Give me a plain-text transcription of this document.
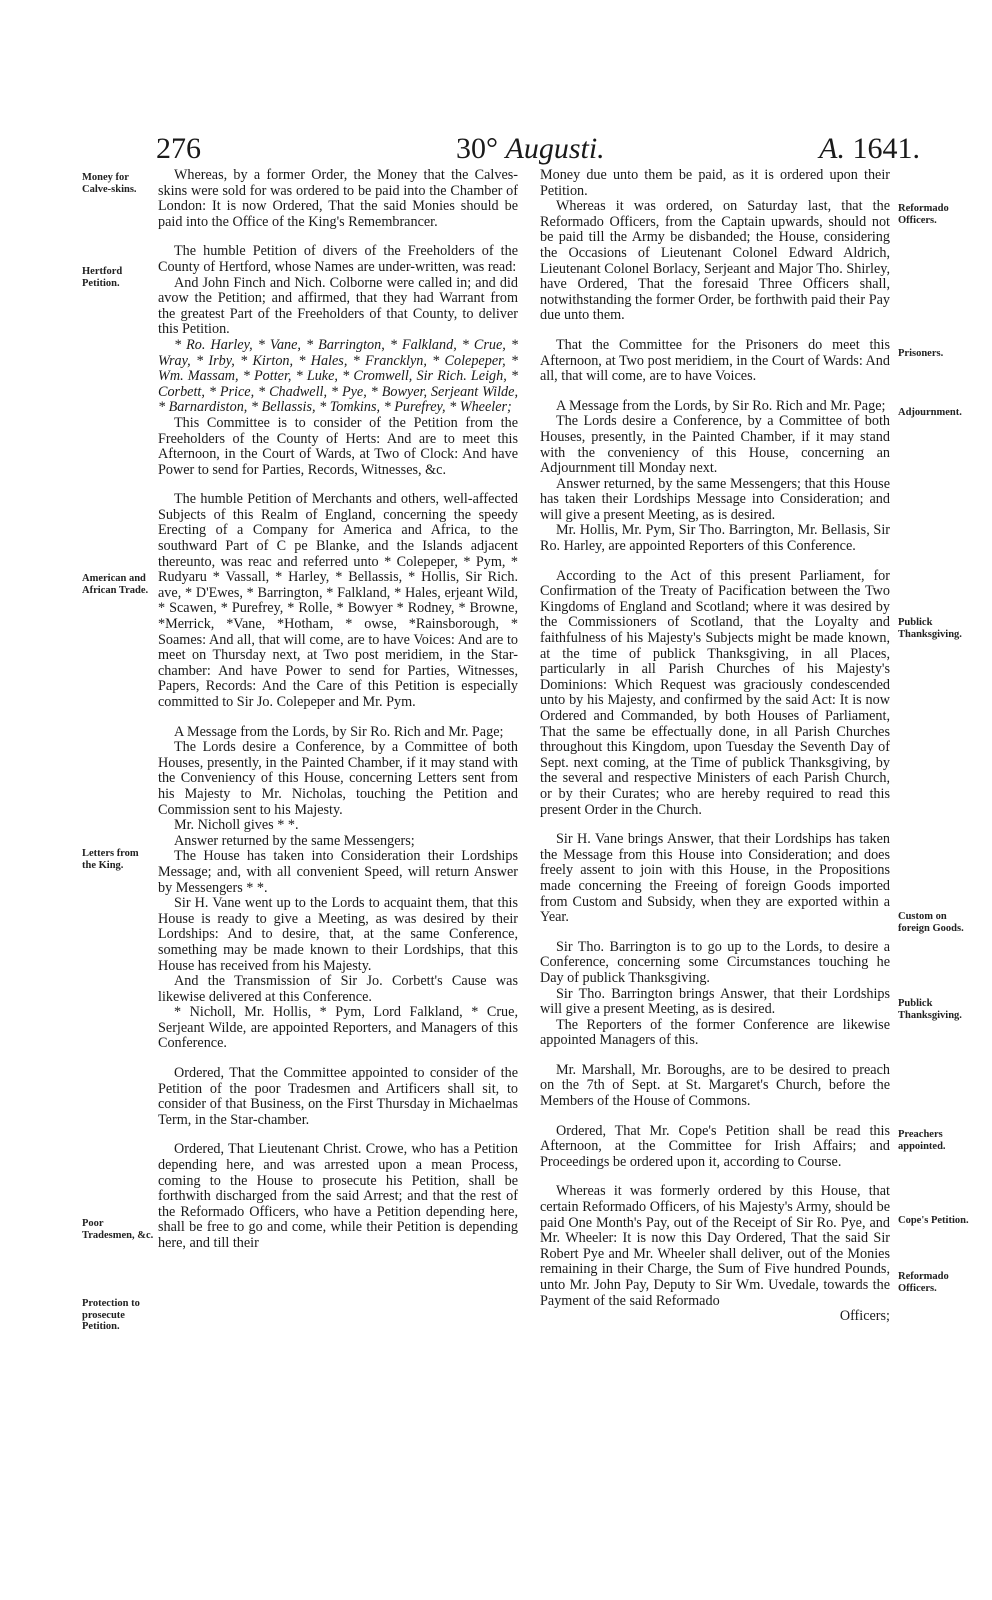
276	30° Augusti.	A. 1641.
Money for Calve-skins.
Hertford Petition.
American and African Trade.
Letters from the King.
Poor Tradesmen, &c.
Protection to prosecute Petition.
Reformado Officers.
Prisoners.
Adjournment.
Publick Thanksgiving.
Custom on foreign Goods.
Publick Thanksgiving.
Preachers appointed.
Cope's Petition.
Reformado Officers.

Whereas, by a former Order, the Money that the Calves-skins were sold for was ordered to be paid into the Chamber of London: It is now Ordered, That the said Monies should be paid into the Office of the King's Remembrancer.

The humble Petition of divers of the Freeholders of the County of Hertford, whose Names are under-written, was read:

And John Finch and Nich. Colborne were called in; and did avow the Petition; and affirmed, that they had Warrant from the greatest Part of the Freeholders of that County, to deliver this Petition.

* Ro. Harley, * Vane, * Barrington, * Falkland, * Crue, * Wray, * Irby, * Kirton, * Hales, * Francklyn, * Colepeper, * Wm. Massam, * Potter, * Luke, * Cromwell, Sir Rich. Leigh, * Corbett, * Price, * Chadwell, * Pye, * Bowyer, Serjeant Wilde, * Barnardiston, * Bellassis, * Tomkins, * Purefrey, * Wheeler;

This Committee is to consider of the Petition from the Freeholders of the County of Herts: And are to meet this Afternoon, in the Court of Wards, at Two of Clock: And have Power to send for Parties, Records, Witnesses, &c.

The humble Petition of Merchants and others, well-affected Subjects of this Realm of England, concerning the speedy Erecting of a Company for America and Africa, to the southward Part of C pe Blanke, and the Islands adjacent thereunto, was reac and referred unto * Colepeper, * Pym, * Rudyaru * Vassall, * Harley, * Bellassis, * Hollis, Sir Rich. ave, * D'Ewes, * Barrington, * Falkland, * Hales, erjeant Wild, * Scawen, * Purefrey, * Rolle, * Bowyer * Rodney, * Browne, *Merrick, *Vane, *Hotham, * owse, *Rainsborough, * Soames: And all, that will come, are to have Voices: And are to meet on Thursday next, at Two post meridiem, in the Star-chamber: And have Power to send for Parties, Witnesses, Papers, Records: And the Care of this Petition is especially committed to Sir Jo. Colepeper and Mr. Pym.

A Message from the Lords, by Sir Ro. Rich and Mr. Page;

The Lords desire a Conference, by a Committee of both Houses, presently, in the Painted Chamber, if it may stand with the Conveniency of this House, concerning Letters sent from his Majesty to Mr. Nicholas, touching the Petition and Commission sent to his Majesty.

Mr. Nicholl gives * *.

Answer returned by the same Messengers;

The House has taken into Consideration their Lordships Message; and, with all convenient Speed, will return Answer by Messengers * *.

Sir H. Vane went up to the Lords to acquaint them, that this House is ready to give a Meeting, as was desired by their Lordships: And to desire, that, at the same Conference, something may be made known to their Lordships, that this House has received from his Majesty.

And the Transmission of Sir Jo. Corbett's Cause was likewise delivered at this Conference.

* Nicholl, Mr. Hollis, * Pym, Lord Falkland, * Crue, Serjeant Wilde, are appointed Reporters, and Managers of this Conference.

Ordered, That the Committee appointed to consider of the Petition of the poor Tradesmen and Artificers shall sit, to consider of that Business, on the First Thursday in Michaelmas Term, in the Star-chamber.

Ordered, That Lieutenant Christ. Crowe, who has a Petition depending here, and was arrested upon a mean Process, coming to the House to prosecute his Petition, shall be forthwith discharged from the said Arrest; and that the rest of the Reformado Officers, who have a Petition depending here, shall be free to go and come, while their Petition is depending here, and till their

Money due unto them be paid, as it is ordered upon their Petition.

Whereas it was ordered, on Saturday last, that the Reformado Officers, from the Captain upwards, should not be paid till the Army be disbanded; the House, considering the Occasions of Lieutenant Colonel Edward Aldrich, Lieutenant Colonel Borlacy, Serjeant and Major Tho. Shirley, have Ordered, That the foresaid Three Officers shall, notwithstanding the former Order, be forthwith paid their Pay due unto them.

That the Committee for the Prisoners do meet this Afternoon, at Two post meridiem, in the Court of Wards: And all, that will come, are to have Voices.

A Message from the Lords, by Sir Ro. Rich and Mr. Page;

The Lords desire a Conference, by a Committee of both Houses, presently, in the Painted Chamber, if it may stand with the conveniency of this House, concerning an Adjournment till Monday next.

Answer returned, by the same Messengers; that this House has taken their Lordships Message into Consideration; and will give a present Meeting, as is desired.

Mr. Hollis, Mr. Pym, Sir Tho. Barrington, Mr. Bellasis, Sir Ro. Harley, are appointed Reporters of this Conference.

According to the Act of this present Parliament, for Confirmation of the Treaty of Pacification between the Two Kingdoms of England and Scotland; where it was desired by the Commissioners of Scotland, that the Loyalty and faithfulness of his Majesty's Subjects might be made known, at the time of publick Thanksgiving, in all Places, particularly in all Parish Churches of his Majesty's Dominions: Which Request was graciously condescended unto by his Majesty, and confirmed by the said Act: It is now Ordered and Commanded, by both Houses of Parliament, That the same be effectually done, in all Parish Churches throughout this Kingdom, upon Tuesday the Seventh Day of Sept. next coming, at the Time of publick Thanksgiving, by the several and respective Ministers of each Parish Church, or by their Curates; who are hereby required to read this present Order in the Church.

Sir H. Vane brings Answer, that their Lordships has taken the Message from this House into Consideration; and does freely assent to join with this House, in the Propositions made concerning the Freeing of foreign Goods imported from Custom and Subsidy, when they are exported within a Year.

Sir Tho. Barrington is to go up to the Lords, to desire a Conference, concerning some Circumstances touching he Day of publick Thanksgiving.

Sir Tho. Barrington brings Answer, that their Lordships will give a present Meeting, as is desired.

The Reporters of the former Conference are likewise appointed Managers of this.

Mr. Marshall, Mr. Boroughs, are to be desired to preach on the 7th of Sept. at St. Margaret's Church, before the Members of the House of Commons.

Ordered, That Mr. Cope's Petition shall be read this Afternoon, at the Committee for Irish Affairs; and Proceedings be ordered upon it, according to Course.

Whereas it was formerly ordered by this House, that certain Reformado Officers, of his Majesty's Army, should be paid One Month's Pay, out of the Receipt of Sir Ro. Pye, and Mr. Wheeler: It is now this Day Ordered, That the said Sir Robert Pye and Mr. Wheeler shall deliver, out of the Monies remaining in their Charge, the Sum of Five hundred Pounds, unto Mr. John Pay, Deputy to Sir Wm. Uvedale, towards the Payment of the said Reformado

Officers;
